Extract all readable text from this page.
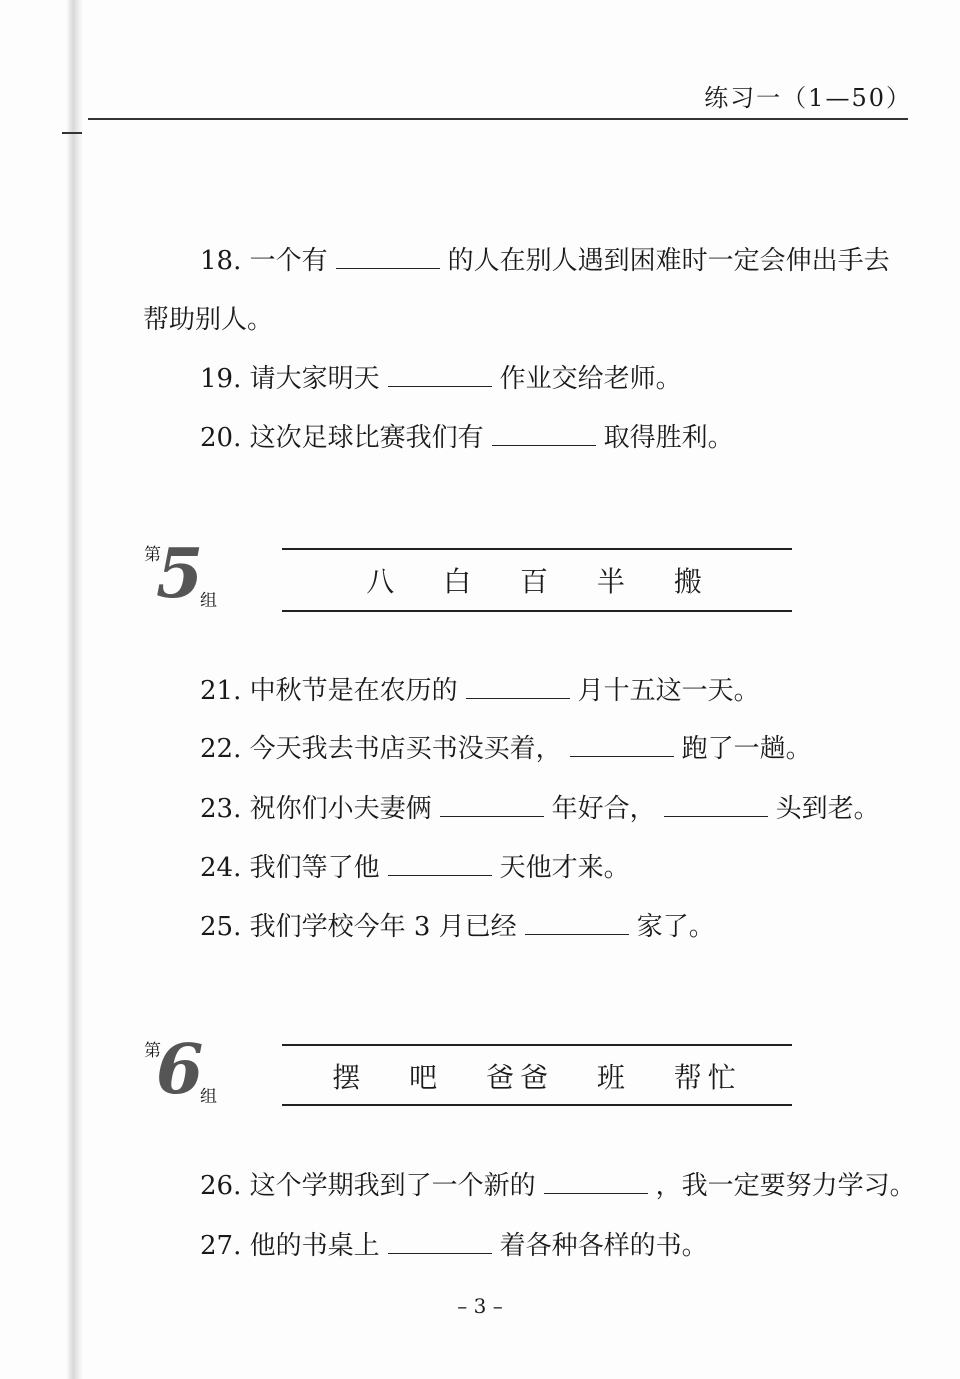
练习一（1—50）
第
5
组
八 白 百 半 搬
第
6
组
摆 吧 爸爸 班 帮忙
18. 一个有	的人在别人遇到困难时一定会伸出手去
帮助别人。
19. 请大家明天	作业交给老师。
20. 这次足球比赛我们有	取得胜利。
21. 中秋节是在农历的	月十五这一天。
22. 今天我去书店买书没买着，	跑了一趟。
23. 祝你们小夫妻俩	年好合，	头到老。
24. 我们等了他	天他才来。
25. 我们学校今年 3 月已经	家了。
26. 这个学期我到了一个新的	，我一定要努力学习。
27. 他的书桌上	着各种各样的书。
– 3 –
